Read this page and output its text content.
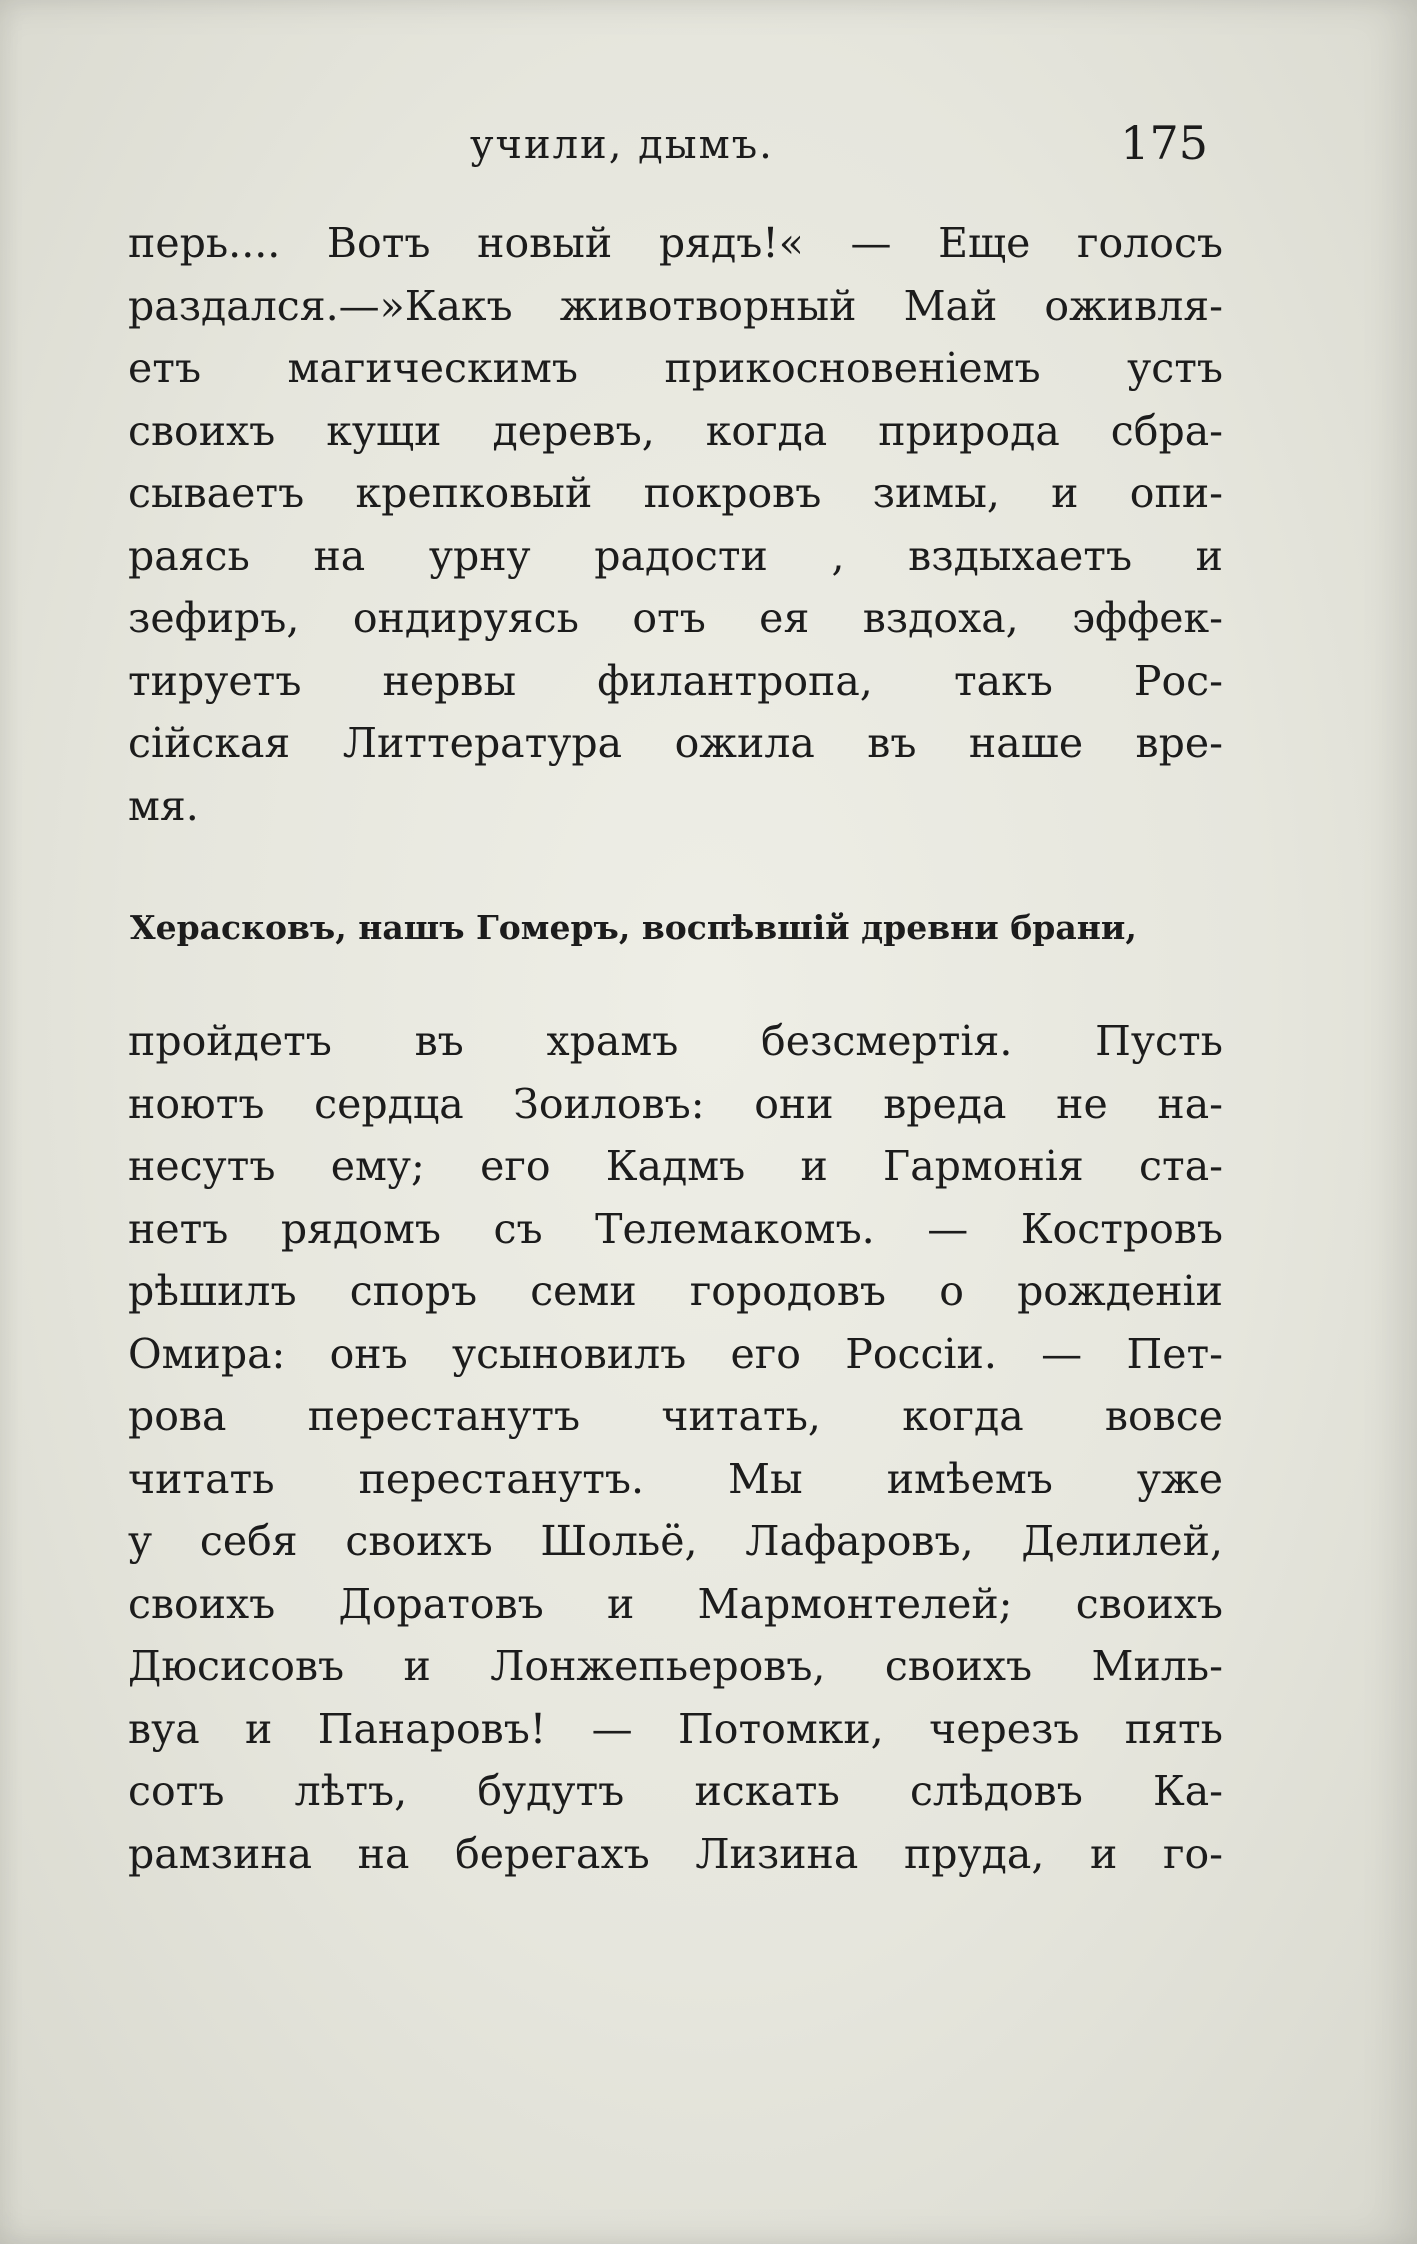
учили, дымъ.	175
перь.... Вотъ новый рядъ!« — Еще голосъ
раздался.—»Какъ животворный Май оживля-
етъ магическимъ прикосновенiемъ устъ
своихъ кущи деревъ, когда природа сбра-
сываетъ крепковый покровъ зимы, и опи-
раясь на урну радости , вздыхаетъ и
зефиръ, ондируясь отъ ея вздоха, эффек-
тируетъ нервы филантропа, такъ Рос-
сiйская Литтература ожила въ наше вре-
мя.
Херасковъ, нашъ Гомеръ, воспѣвшiй древни брани,
пройдетъ въ храмъ безсмертiя. Пусть
ноютъ сердца Зоиловъ: они вреда не на-
несутъ ему; его Кадмъ и Гармонiя ста-
нетъ рядомъ съ Телемакомъ. — Костровъ
рѣшилъ споръ семи городовъ о рожденiи
Омира: онъ усыновилъ его Россiи. — Пет-
рова перестанутъ читать, когда вовсе
читать перестанутъ. Мы имѣемъ уже
у себя своихъ Шольё, Лафаровъ, Делилей,
своихъ Доратовъ и Мармонтелей; своихъ
Дюсисовъ и Лонжепьеровъ, своихъ Миль-
вуа и Панаровъ! — Потомки, черезъ пять
сотъ лѣтъ, будутъ искать слѣдовъ Ка-
рамзина на берегахъ Лизина пруда, и го-
